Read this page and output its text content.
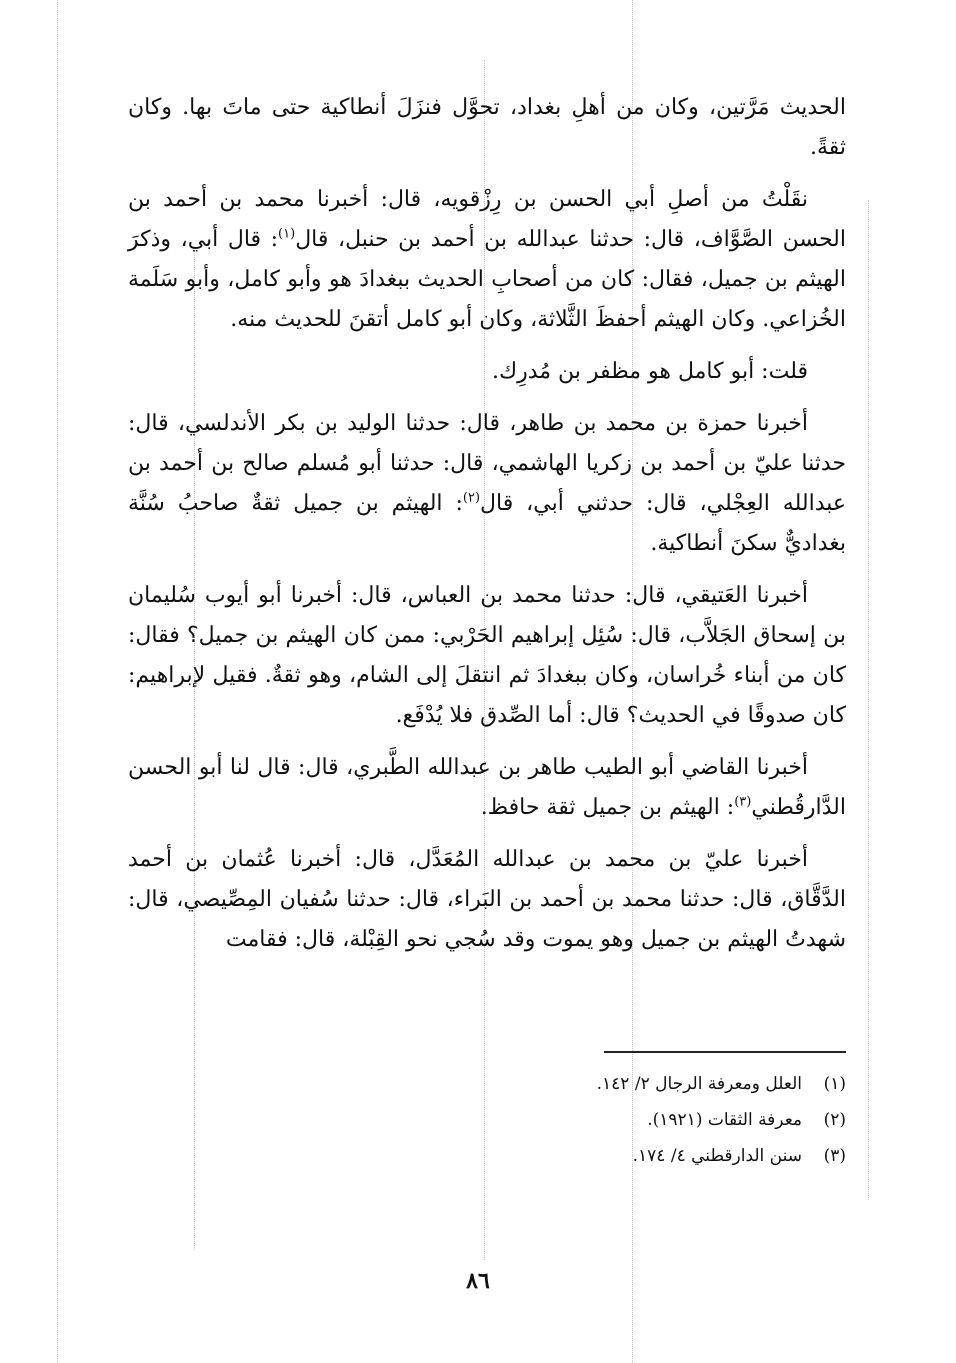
الحديث مَرَّتين، وكان من أهلِ بغداد، تحوَّل فنزَلَ أنطاكية حتى ماتَ بها. وكان ثقةً.

نقَلْتُ من أصلِ أبي الحسن بن رِزْقويه، قال: أخبرنا محمد بن أحمد بن الحسن الصَّوَّاف، قال: حدثنا عبدالله بن أحمد بن حنبل، قال$^{(١)}$: قال أبي، وذكرَ الهيثم بن جميل، فقال: كان من أصحابِ الحديث ببغدادَ هو وأبو كامل، وأبو سَلَمة الخُزاعي. وكان الهيثم أحفظَ الثَّلاثة، وكان أبو كامل أتقنَ للحديث منه.

قلت: أبو كامل هو مظفر بن مُدرِك.

أخبرنا حمزة بن محمد بن طاهر، قال: حدثنا الوليد بن بكر الأندلسي، قال: حدثنا عليّ بن أحمد بن زكريا الهاشمي، قال: حدثنا أبو مُسلم صالح بن أحمد بن عبدالله العِجْلي، قال: حدثني أبي، قال$^{(٢)}$: الهيثم بن جميل ثقةٌ صاحبُ سُنَّة بغداديٌّ سكنَ أنطاكية.

أخبرنا العَتيقي، قال: حدثنا محمد بن العباس، قال: أخبرنا أبو أيوب سُليمان بن إسحاق الجَلاَّب، قال: سُئِل إبراهيم الحَرْبي: ممن كان الهيثم بن جميل؟ فقال: كان من أبناء خُراسان، وكان ببغدادَ ثم انتقلَ إلى الشام، وهو ثقةٌ. فقيل لإبراهيم: كان صدوقًا في الحديث؟ قال: أما الصِّدق فلا يُدْفَع.

أخبرنا القاضي أبو الطيب طاهر بن عبدالله الطَّبري، قال: قال لنا أبو الحسن الدَّارقُطني$^{(٣)}$: الهيثم بن جميل ثقة حافظ.

أخبرنا عليّ بن محمد بن عبدالله المُعَدَّل، قال: أخبرنا عُثمان بن أحمد الدَّقَّاق، قال: حدثنا محمد بن أحمد بن البَراء، قال: حدثنا سُفيان المِصِّيصي، قال: شهدتُ الهيثم بن جميل وهو يموت وقد سُجي نحو القِبْلة، قال: فقامت

(١)
العلل ومعرفة الرجال ٢/ ١٤٢.
(٢)
معرفة الثقات (١٩٢١).
(٣)
سنن الدارقطني ٤/ ١٧٤.
٨٦
